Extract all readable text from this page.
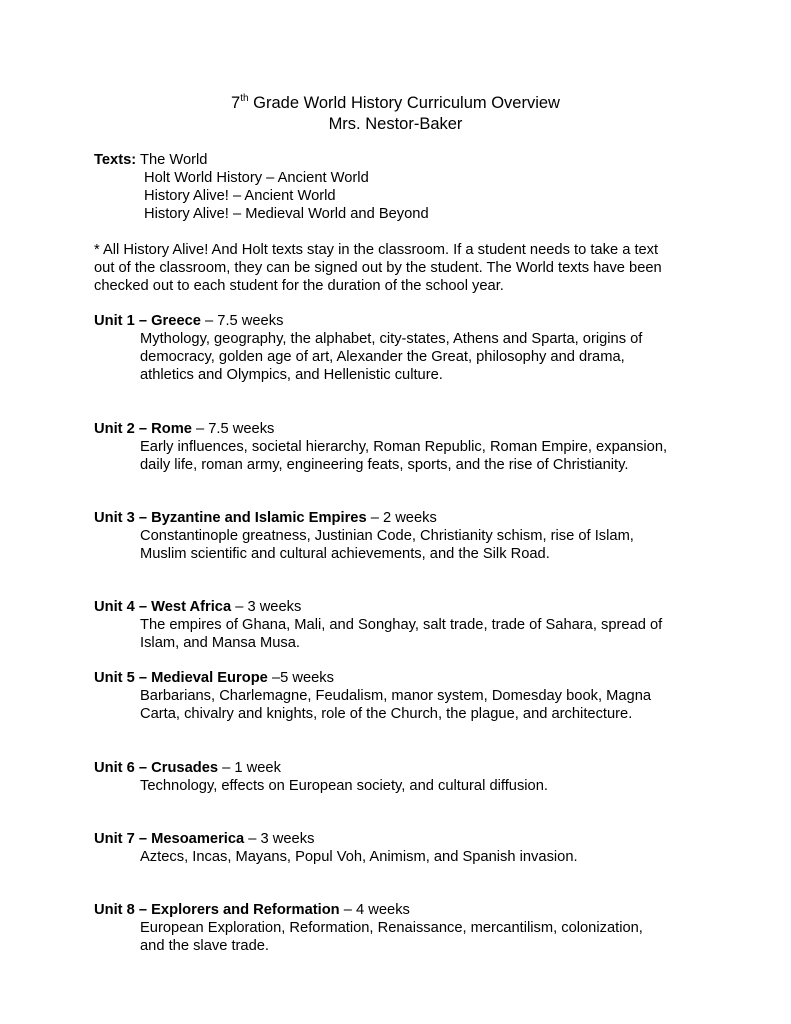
7th Grade World History Curriculum Overview
Mrs. Nestor-Baker
Texts: The World
Holt World History – Ancient World
History Alive! – Ancient World
History Alive! – Medieval World and Beyond
* All History Alive! And Holt texts stay in the classroom. If a student needs to take a text
out of the classroom, they can be signed out by the student. The World texts have been
checked out to each student for the duration of the school year.
Unit 1 – Greece – 7.5 weeks
Mythology, geography, the alphabet, city-states, Athens and Sparta, origins of
democracy, golden age of art, Alexander the Great, philosophy and drama,
athletics and Olympics, and Hellenistic culture.
Unit 2 – Rome – 7.5 weeks
Early influences, societal hierarchy, Roman Republic, Roman Empire, expansion,
daily life, roman army, engineering feats, sports, and the rise of Christianity.
Unit 3 – Byzantine and Islamic Empires – 2 weeks
Constantinople greatness, Justinian Code, Christianity schism, rise of Islam,
Muslim scientific and cultural achievements, and the Silk Road.
Unit 4 – West Africa – 3 weeks
The empires of Ghana, Mali, and Songhay, salt trade, trade of Sahara, spread of
Islam, and Mansa Musa.
Unit 5 – Medieval Europe –5 weeks
Barbarians, Charlemagne, Feudalism, manor system, Domesday book, Magna
Carta, chivalry and knights, role of the Church, the plague, and architecture.
Unit 6 – Crusades – 1 week
Technology, effects on European society, and cultural diffusion.
Unit 7 – Mesoamerica – 3 weeks
Aztecs, Incas, Mayans, Popul Voh, Animism, and Spanish invasion.
Unit 8 – Explorers and Reformation – 4 weeks
European Exploration, Reformation, Renaissance, mercantilism, colonization,
and the slave trade.
